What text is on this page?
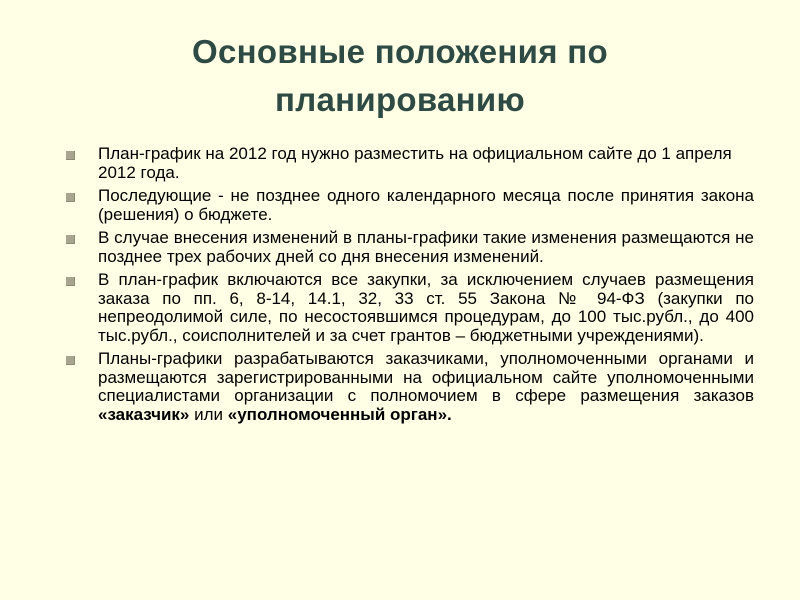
Основные положения по
планированию
План-график на 2012 год нужно разместить на официальном сайте до 1 апреля 2012 года.
Последующие - не позднее одного календарного месяца после принятия закона (решения) о бюджете.
В случае внесения изменений в планы-графики такие изменения размещаются не позднее трех рабочих дней со дня внесения изменений.
В план-график включаются все закупки, за исключением случаев размещения заказа по пп. 6, 8-14, 14.1, 32, 33 ст. 55 Закона № 94-ФЗ (закупки по непреодолимой силе, по несостоявшимся процедурам, до 100 тыс.рубл., до 400 тыс.рубл., соисполнителей и за счет грантов – бюджетными учреждениями).
Планы-графики разрабатываются заказчиками, уполномоченными органами и размещаются зарегистрированными на официальном сайте уполномоченными специалистами организации с полномочием в сфере размещения заказов «заказчик» или «уполномоченный орган».
